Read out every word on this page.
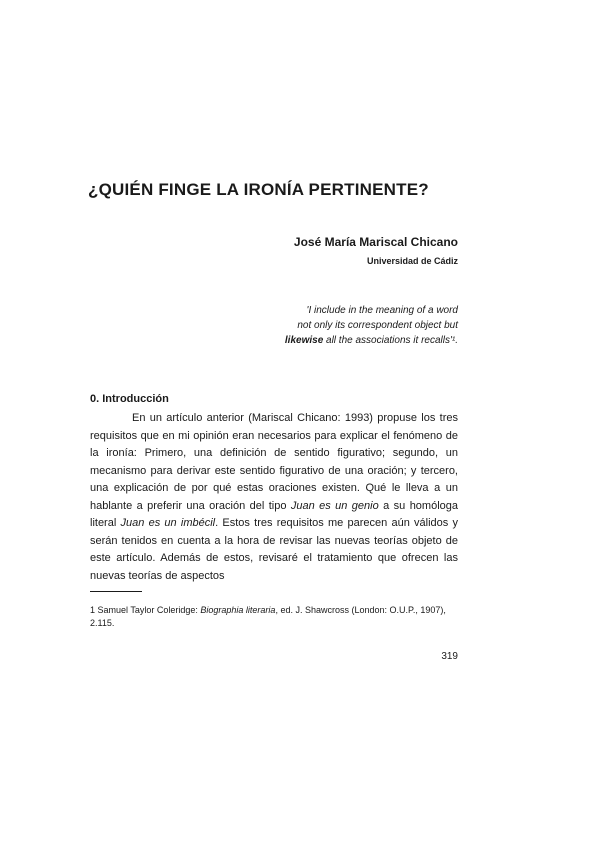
¿QUIÉN FINGE LA IRONÍA PERTINENTE?
José María Mariscal Chicano
Universidad de Cádiz

'I include in the meaning of a word

not only its correspondent object but

likewise all the associations it recalls'¹.

0. Introducción

En un artículo anterior (Mariscal Chicano: 1993) propuse los tres requisitos que en mi opinión eran necesarios para explicar el fenómeno de la ironía: Primero, una definición de sentido figurativo; segundo, un mecanismo para derivar este sentido figurativo de una oración; y tercero, una explicación de por qué estas oraciones existen. Qué le lleva a un hablante a preferir una oración del tipo Juan es un genio a su homóloga literal Juan es un imbécil. Estos tres requisitos me parecen aún válidos y serán tenidos en cuenta a la hora de revisar las nuevas teorías objeto de este artículo. Además de estos, revisaré el tratamiento que ofrecen las nuevas teorías de aspectos

1 Samuel Taylor Coleridge: Biographia literaria, ed. J. Shawcross (London: O.U.P., 1907), 2.115.

319
